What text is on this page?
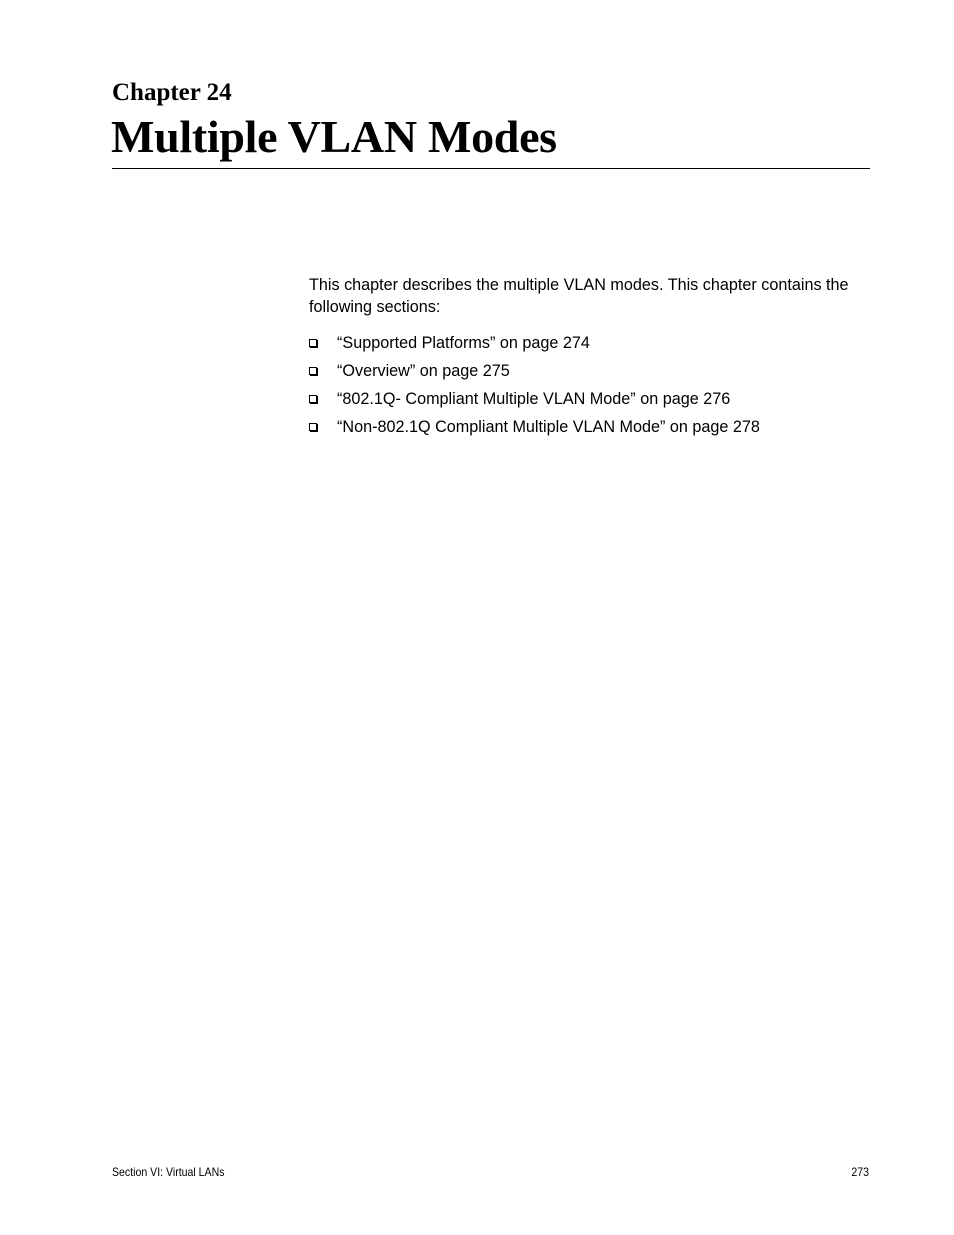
Chapter 24
Multiple VLAN Modes

This chapter describes the multiple VLAN modes. This chapter contains the following sections:

“Supported Platforms” on page 274
“Overview” on page 275
“802.1Q- Compliant Multiple VLAN Mode” on page 276
“Non-802.1Q Compliant Multiple VLAN Mode” on page 278
Section VI: Virtual LANs	273
